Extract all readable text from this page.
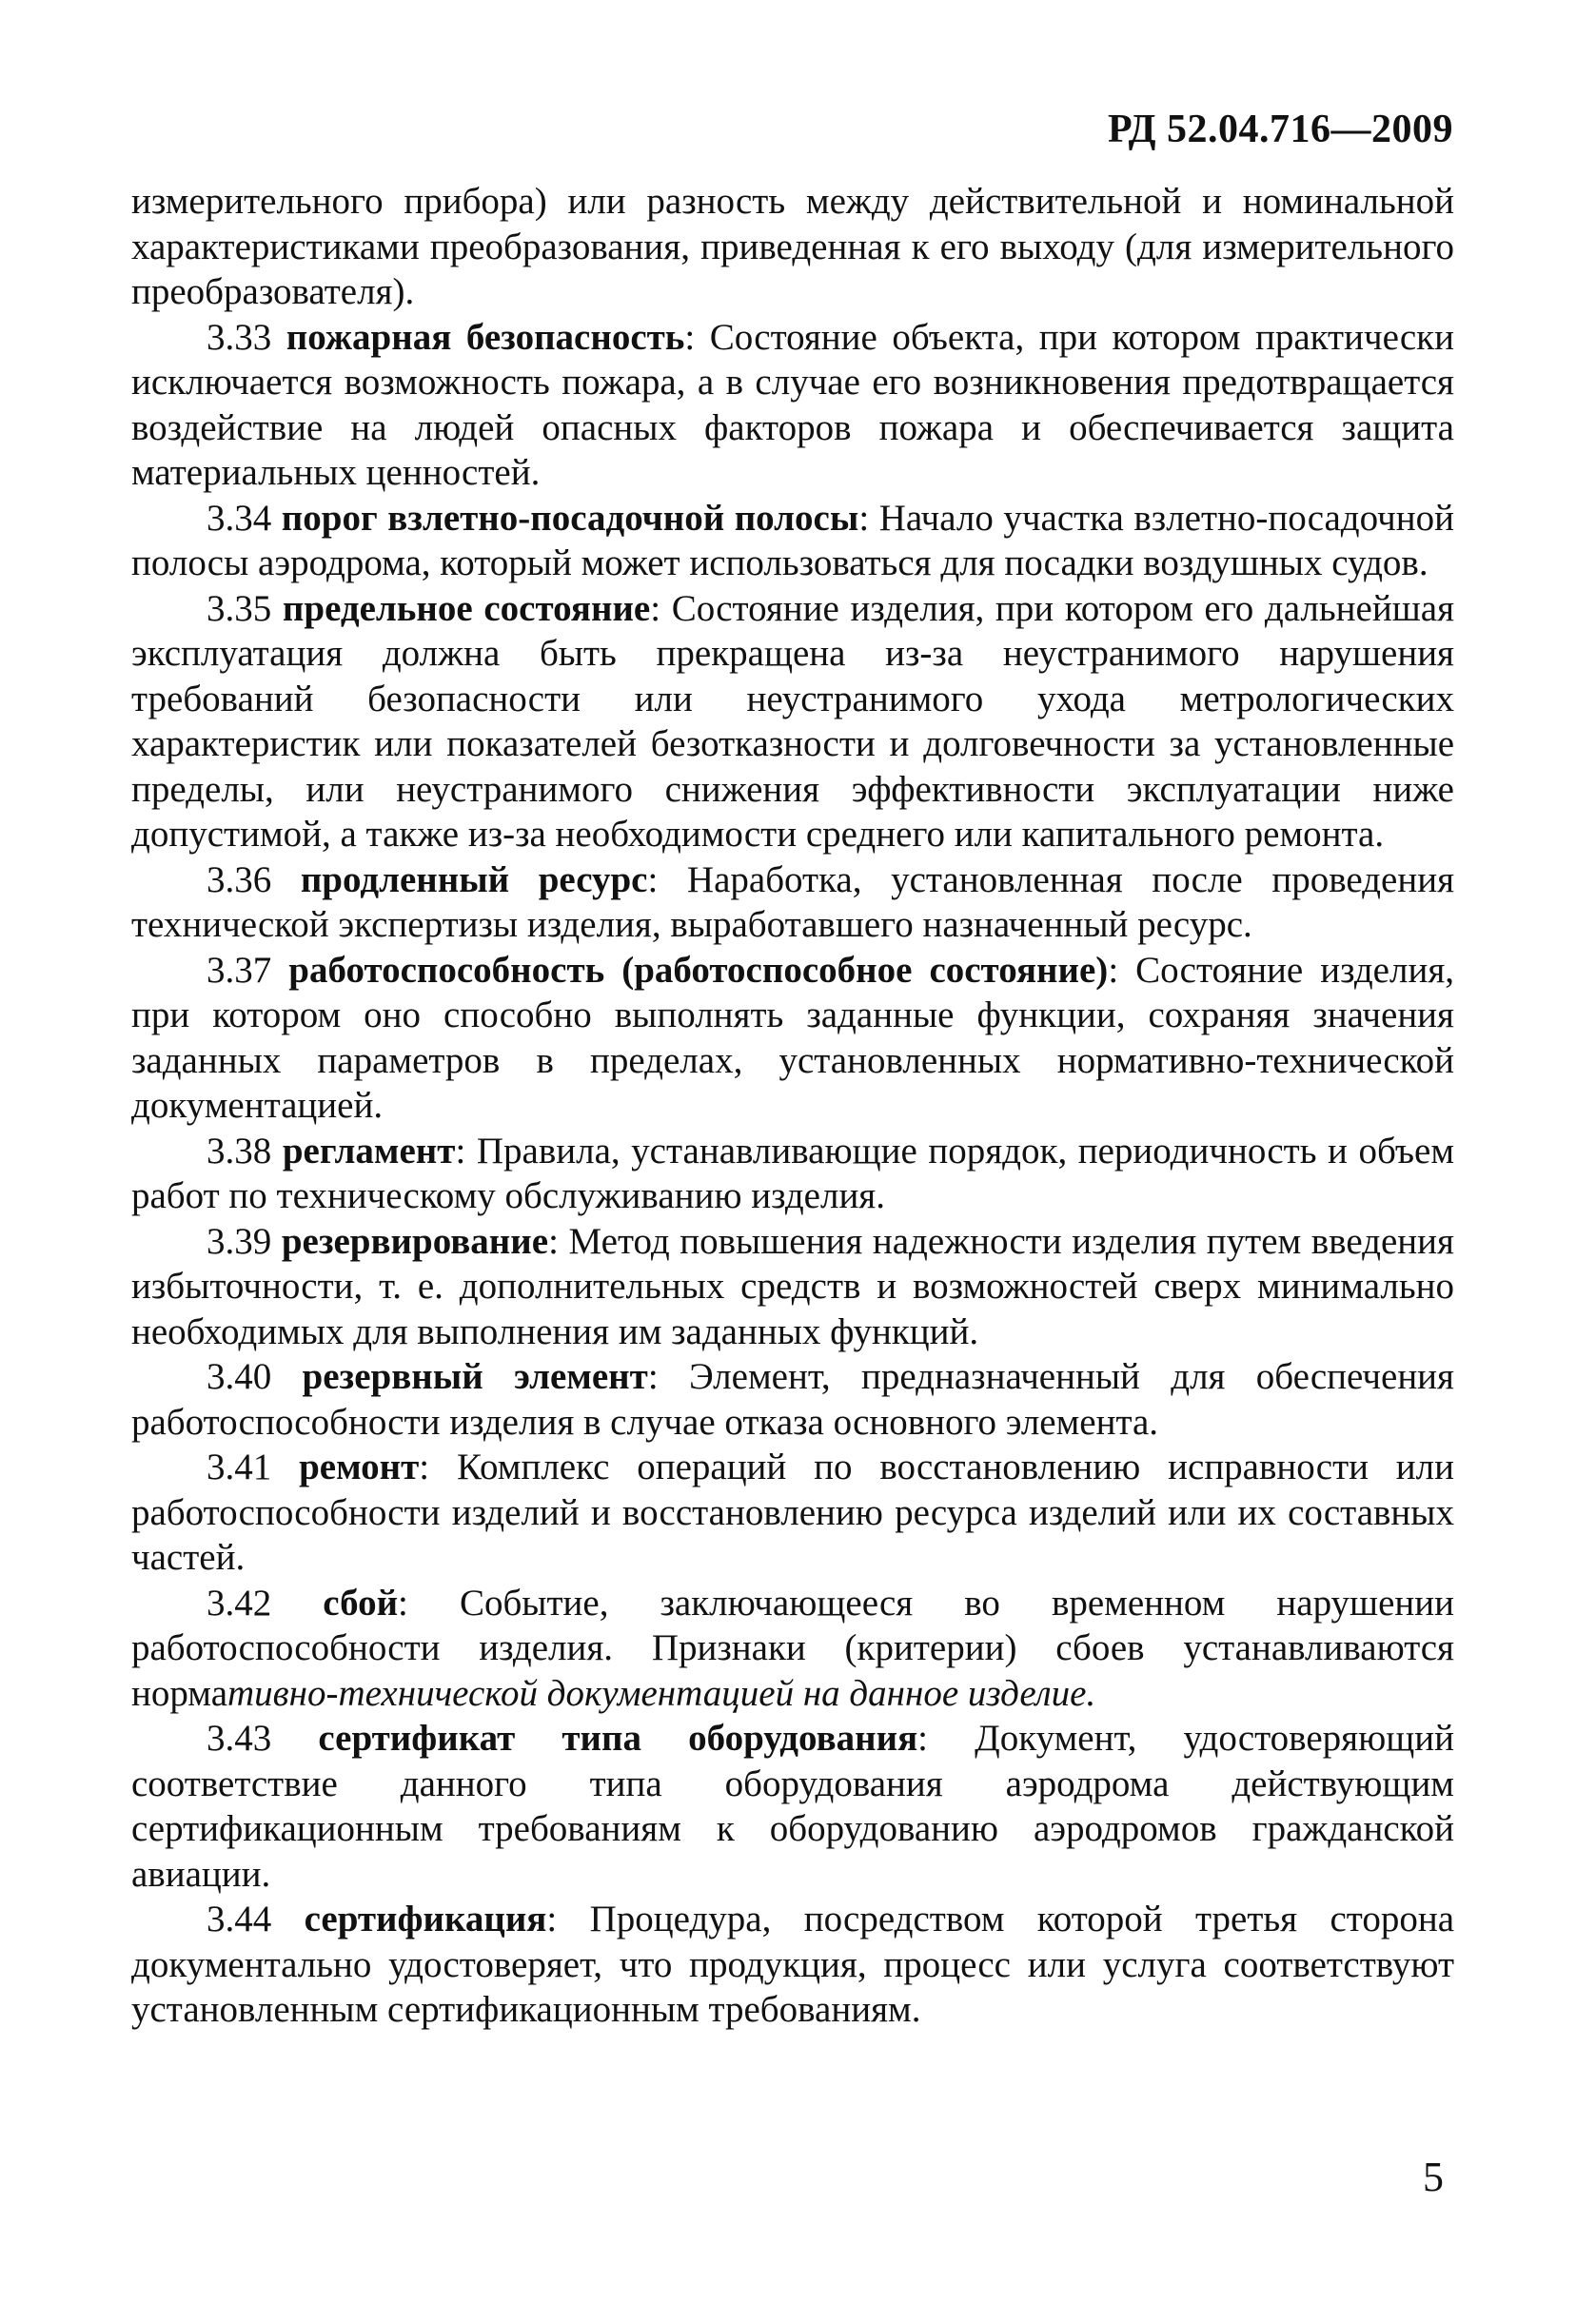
РД 52.04.716—2009

измерительного прибора) или разность между действительной и номинальной характеристиками преобразования, приведенная к его выходу (для измерительного преобразователя).

3.33 пожарная безопасность: Состояние объекта, при котором практически исключается возможность пожара, а в случае его возникновения предотвращается воздействие на людей опасных факторов пожара и обеспечивается защита материальных ценностей.

3.34 порог взлетно-посадочной полосы: Начало участка взлетно-посадочной полосы аэродрома, который может использоваться для посадки воздушных судов.

3.35 предельное состояние: Состояние изделия, при котором его дальнейшая эксплуатация должна быть прекращена из-за неустранимого нарушения требований безопасности или неустранимого ухода метрологических характеристик или показателей безотказности и долговечности за установленные пределы, или неустранимого снижения эффективности эксплуатации ниже допустимой, а также из-за необходимости среднего или капитального ремонта.

3.36 продленный ресурс: Наработка, установленная после проведения технической экспертизы изделия, выработавшего назначенный ресурс.

3.37 работоспособность (работоспособное состояние): Состояние изделия, при котором оно способно выполнять заданные функции, сохраняя значения заданных параметров в пределах, установленных нормативно-технической документацией.

3.38 регламент: Правила, устанавливающие порядок, периодичность и объем работ по техническому обслуживанию изделия.

3.39 резервирование: Метод повышения надежности изделия путем введения избыточности, т. е. дополнительных средств и возможностей сверх минимально необходимых для выполнения им заданных функций.

3.40 резервный элемент: Элемент, предназначенный для обеспечения работоспособности изделия в случае отказа основного элемента.

3.41 ремонт: Комплекс операций по восстановлению исправности или работоспособности изделий и восстановлению ресурса изделий или их составных частей.

3.42 сбой: Событие, заключающееся во временном нарушении работоспособности изделия. Признаки (критерии) сбоев устанавливаются нормативно-технической документацией на данное изделие.

3.43 сертификат типа оборудования: Документ, удостоверяющий соответствие данного типа оборудования аэродрома действующим сертификационным требованиям к оборудованию аэродромов гражданской авиации.

3.44 сертификация: Процедура, посредством которой третья сторона документально удостоверяет, что продукция, процесс или услуга соответствуют установленным сертификационным требованиям.

5
